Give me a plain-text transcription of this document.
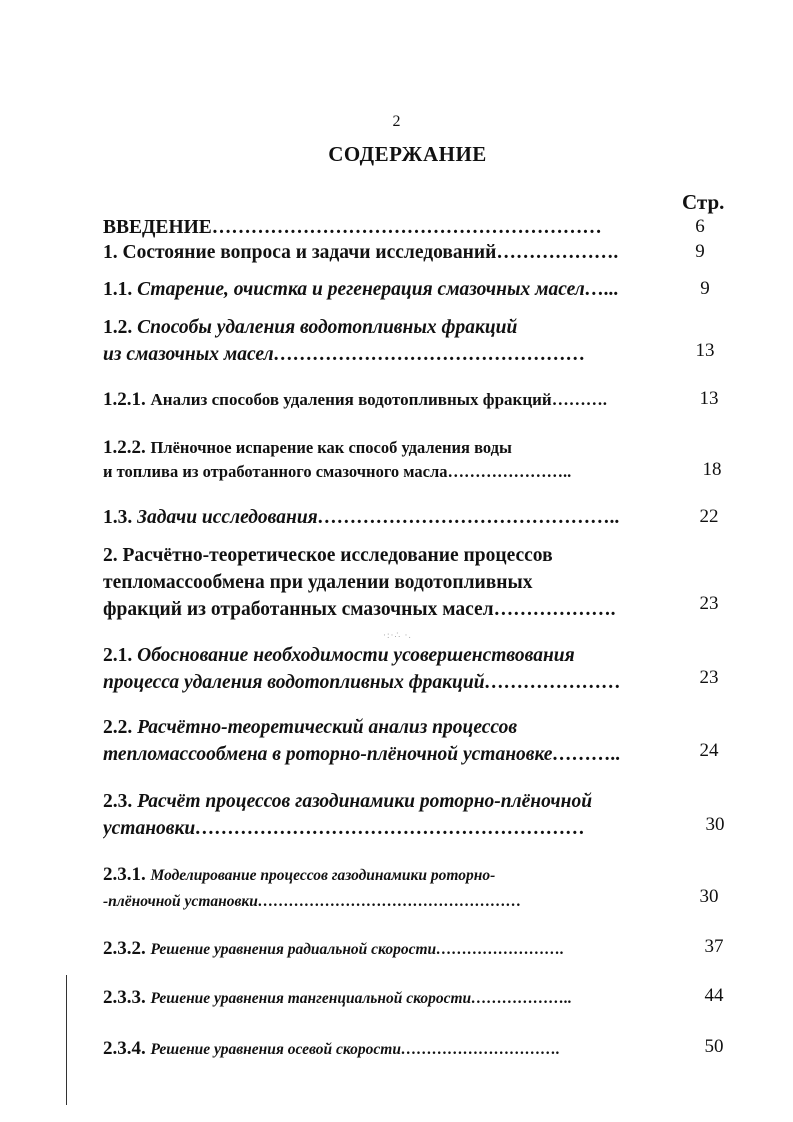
2
СОДЕРЖАНИЕ
Стр.
ВВЕДЕНИЕ……………………………………………………	6
1. Состояние вопроса и задачи исследований……………….	9
1.1. Старение, очистка и регенерация смазочных масел…...	9
1.2. Способы удаления водотопливных фракций
из смазочных масел…………………………………………	13
1.2.1. Анализ способов удаления водотопливных фракций……….	13
1.2.2. Плёночное испарение как способ удаления воды
и топлива из отработанного смазочного масла…………………..	18
1.3. Задачи исследования………………………………………..	22
2. Расчётно-теоретическое исследование процессов
тепломассообмена при удалении водотопливных
фракций из отработанных смазочных масел……………….	23
·:·∴ ·.
2.1. Обоснование необходимости усовершенствования
процесса удаления водотопливных фракций…………………	23
2.2. Расчётно-теоретический анализ процессов
тепломассообмена в роторно-плёночной установке………..	24
2.3. Расчёт процессов газодинамики роторно-плёночной
установки……………………………………………………	30
2.3.1. Моделирование процессов газодинамики роторно-
-плёночной установки……………………………………………	30
2.3.2. Решение уравнения радиальной скорости…………………….	37
2.3.3. Решение уравнения тангенциальной скорости………………..	44
2.3.4. Решение уравнения осевой скорости………………………….	50
